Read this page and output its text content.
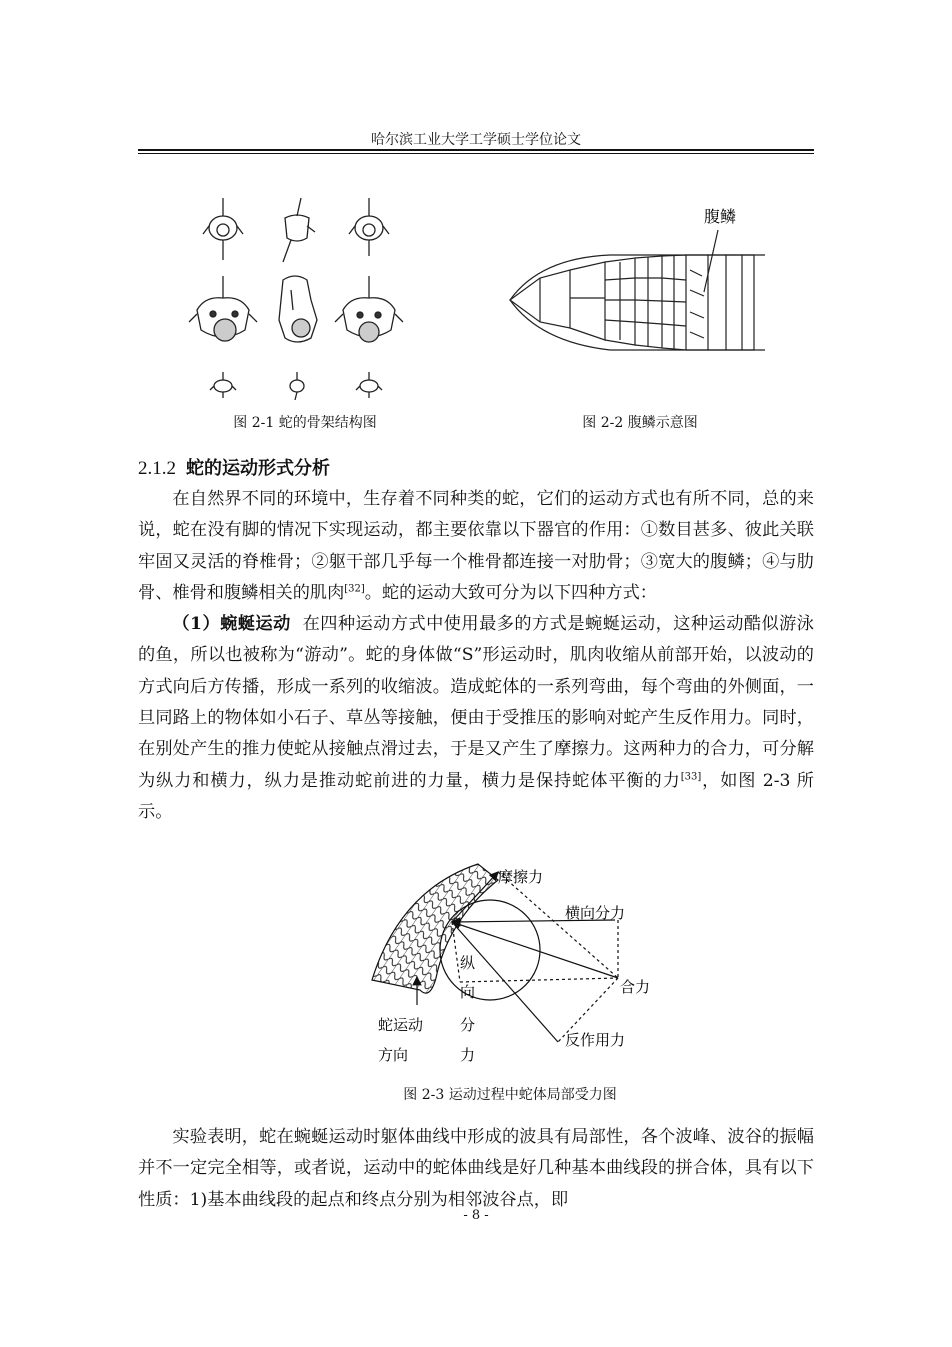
哈尔滨工业大学工学硕士学位论文
图 2-1 蛇的骨架结构图
腹鳞
图 2-2 腹鳞示意图
2.1.2 蛇的运动形式分析

在自然界不同的环境中，生存着不同种类的蛇，它们的运动方式也有所不同，总的来说，蛇在没有脚的情况下实现运动，都主要依靠以下器官的作用：①数目甚多、彼此关联牢固又灵活的脊椎骨；②躯干部几乎每一个椎骨都连接一对肋骨；③宽大的腹鳞；④与肋骨、椎骨和腹鳞相关的肌肉[32]。蛇的运动大致可分为以下四种方式：

（1）蜿蜒运动 在四种运动方式中使用最多的方式是蜿蜒运动，这种运动酷似游泳的鱼，所以也被称为“游动”。蛇的身体做“S”形运动时，肌肉收缩从前部开始，以波动的方式向后方传播，形成一系列的收缩波。造成蛇体的一系列弯曲，每个弯曲的外侧面，一旦同路上的物体如小石子、草丛等接触，便由于受推压的影响对蛇产生反作用力。同时，在别处产生的推力使蛇从接触点滑过去，于是又产生了摩擦力。这两种力的合力，可分解为纵力和横力，纵力是推动蛇前进的力量，横力是保持蛇体平衡的力[33]，如图 2-3 所示。

摩擦力
横向分力
合力
反作用力
纵
向
分
力
蛇运动
方向
图 2-3 运动过程中蛇体局部受力图

实验表明，蛇在蜿蜒运动时躯体曲线中形成的波具有局部性，各个波峰、波谷的振幅并不一定完全相等，或者说，运动中的蛇体曲线是好几种基本曲线段的拼合体，具有以下性质：1)基本曲线段的起点和终点分别为相邻波谷点，即

- 8 -
